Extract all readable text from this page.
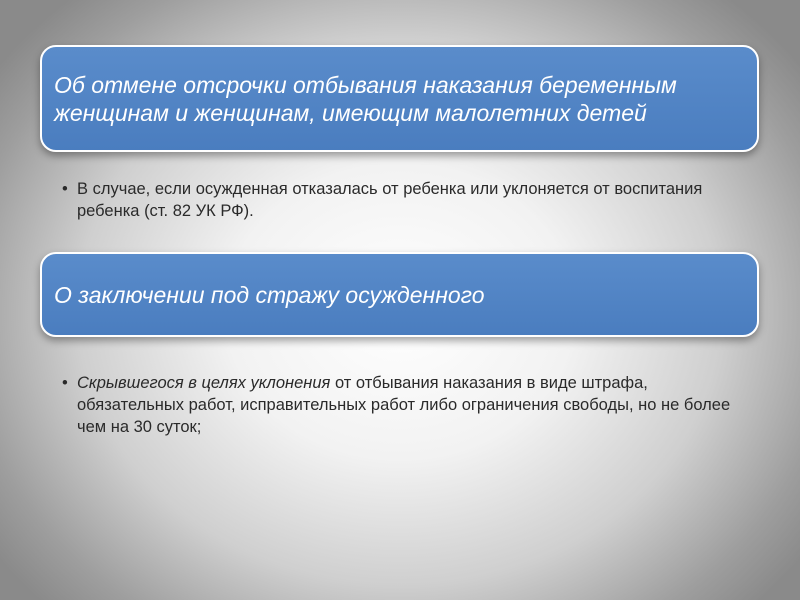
Об отмене отсрочки отбывания наказания беременным женщинам и женщинам, имеющим малолетних детей
• В случае, если осужденная отказалась от ребенка или уклоняется от воспитания ребенка (ст. 82 УК РФ).
О заключении под стражу осужденного
• Скрывшегося в целях уклонения от отбывания наказания в виде штрафа, обязательных работ, исправительных работ либо ограничения свободы, но не более чем на 30 суток;
